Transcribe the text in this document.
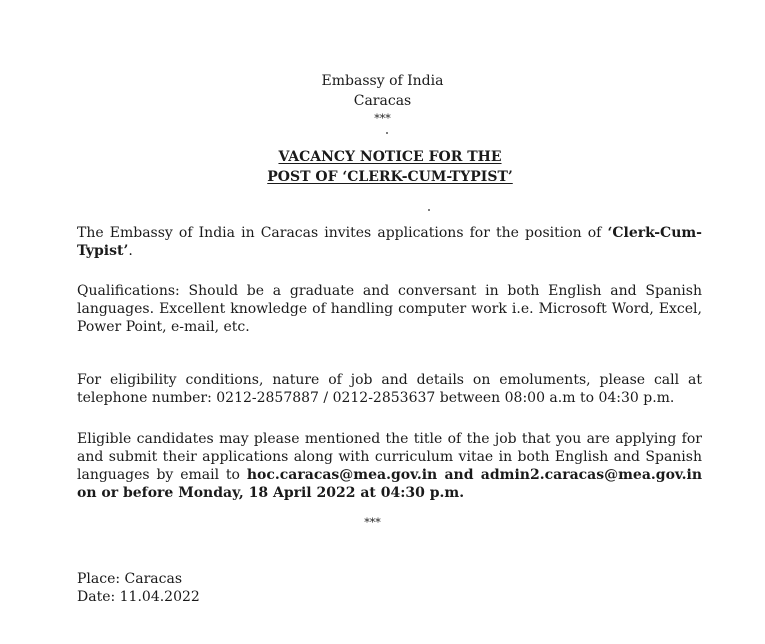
Embassy of India
Caracas
***
VACANCY NOTICE FOR THE
POST OF ‘CLERK-CUM-TYPIST’
The Embassy of India in Caracas invites applications for the position of ‘Clerk-Cum-Typist’.
Qualifications: Should be a graduate and conversant in both English and Spanish languages. Excellent knowledge of handling computer work i.e. Microsoft Word, Excel, Power Point, e-mail, etc.
For eligibility conditions, nature of job and details on emoluments, please call at telephone number: 0212-2857887 / 0212-2853637 between 08:00 a.m to 04:30 p.m.
Eligible candidates may please mentioned the title of the job that you are applying for and submit their applications along with curriculum vitae in both English and Spanish languages by email to hoc.caracas@mea.gov.in and admin2.caracas@mea.gov.in on or before Monday, 18 April 2022 at 04:30 p.m.
***
Place: Caracas
Date: 11.04.2022
